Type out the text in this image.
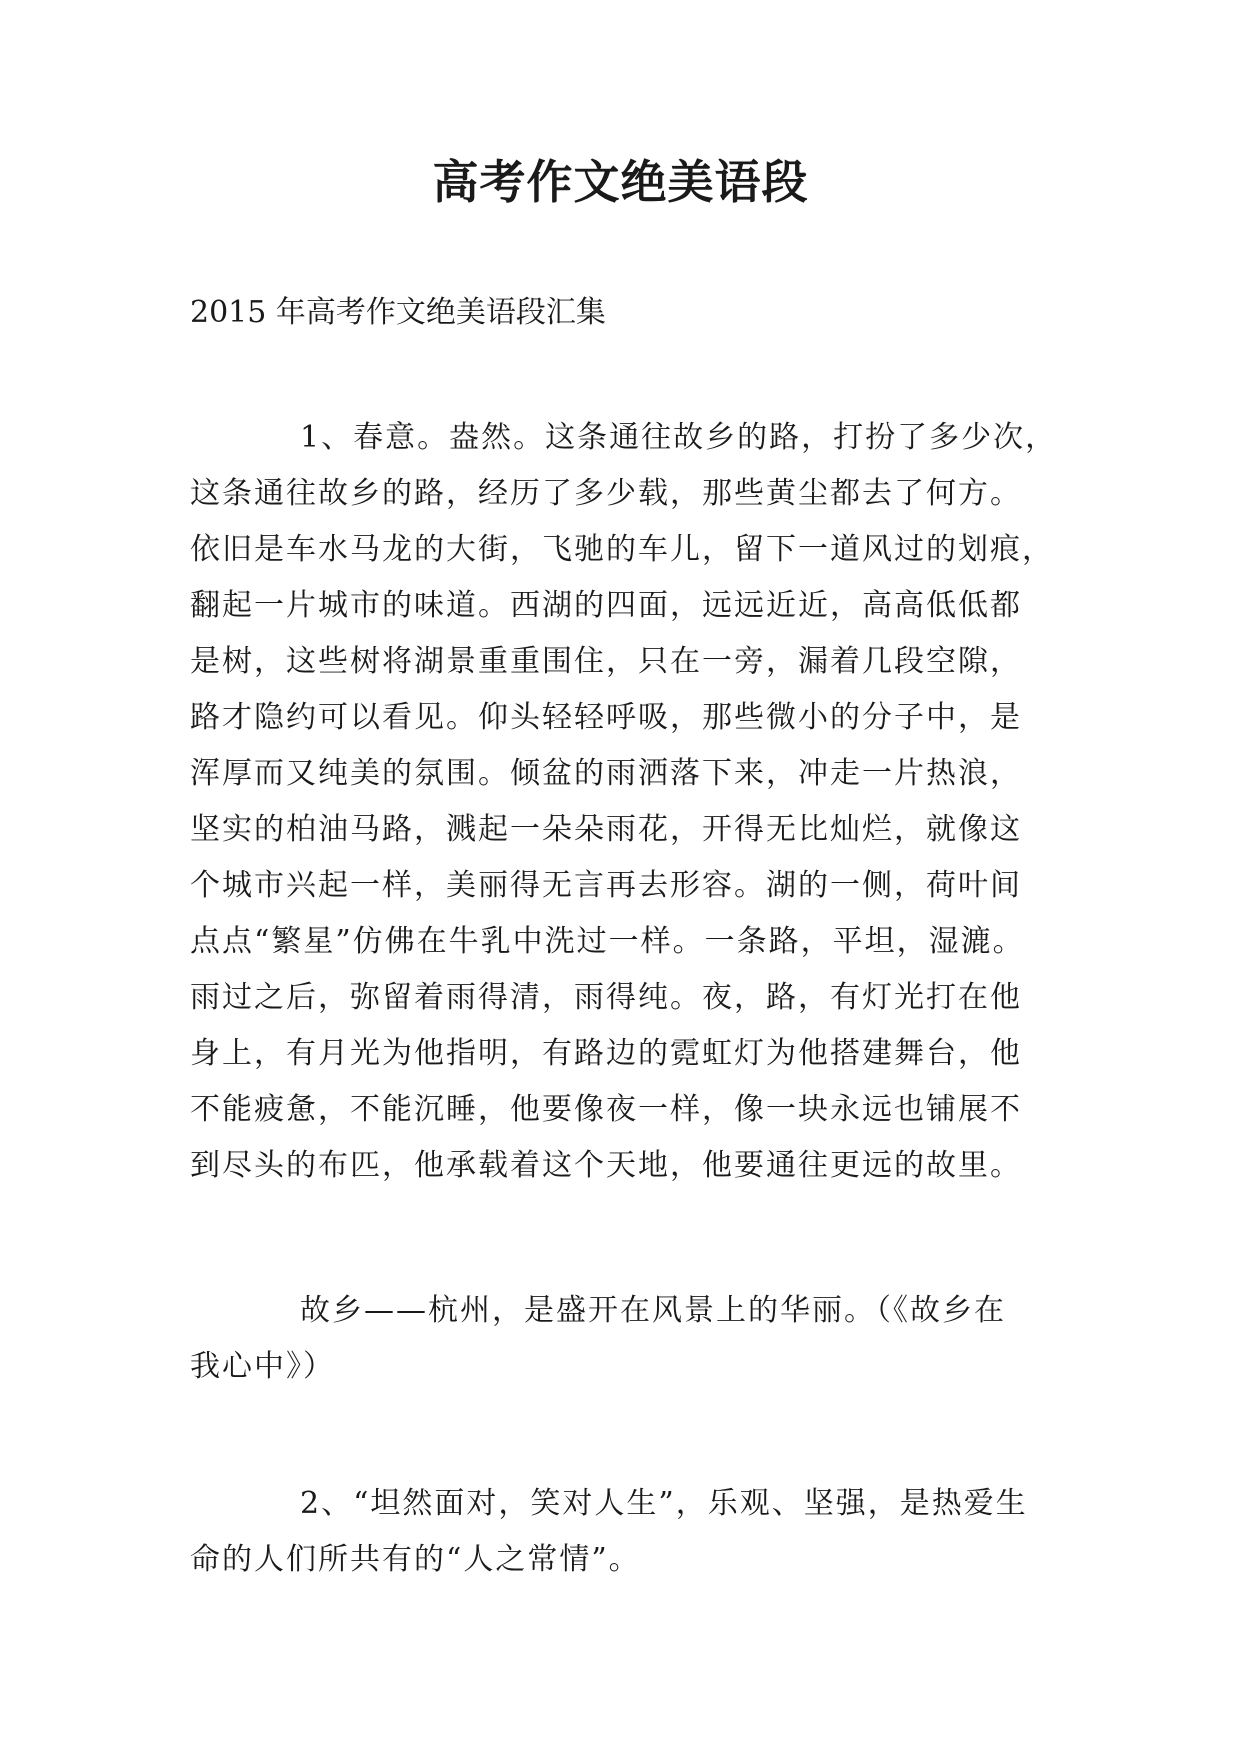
高考作文绝美语段

2015 年高考作文绝美语段汇集

1、春意。盎然。这条通往故乡的路，打扮了多少次，
这条通往故乡的路，经历了多少载，那些黄尘都去了何方。
依旧是车水马龙的大街，飞驰的车儿，留下一道风过的划痕，
翻起一片城市的味道。西湖的四面，远远近近，高高低低都
是树，这些树将湖景重重围住，只在一旁，漏着几段空隙，
路才隐约可以看见。仰头轻轻呼吸，那些微小的分子中，是
浑厚而又纯美的氛围。倾盆的雨洒落下来，冲走一片热浪，
坚实的柏油马路，溅起一朵朵雨花，开得无比灿烂，就像这
个城市兴起一样，美丽得无言再去形容。湖的一侧，荷叶间
点点“繁星”仿佛在牛乳中洗过一样。一条路，平坦，湿漉。
雨过之后，弥留着雨得清，雨得纯。夜，路，有灯光打在他
身上，有月光为他指明，有路边的霓虹灯为他搭建舞台，他
不能疲惫，不能沉睡，他要像夜一样，像一块永远也铺展不
到尽头的布匹，他承载着这个天地，他要通往更远的故里。
故乡——杭州，是盛开在风景上的华丽。（《故乡在
我心中》）
2、“坦然面对，笑对人生”，乐观、坚强，是热爱生
命的人们所共有的“人之常情”。
